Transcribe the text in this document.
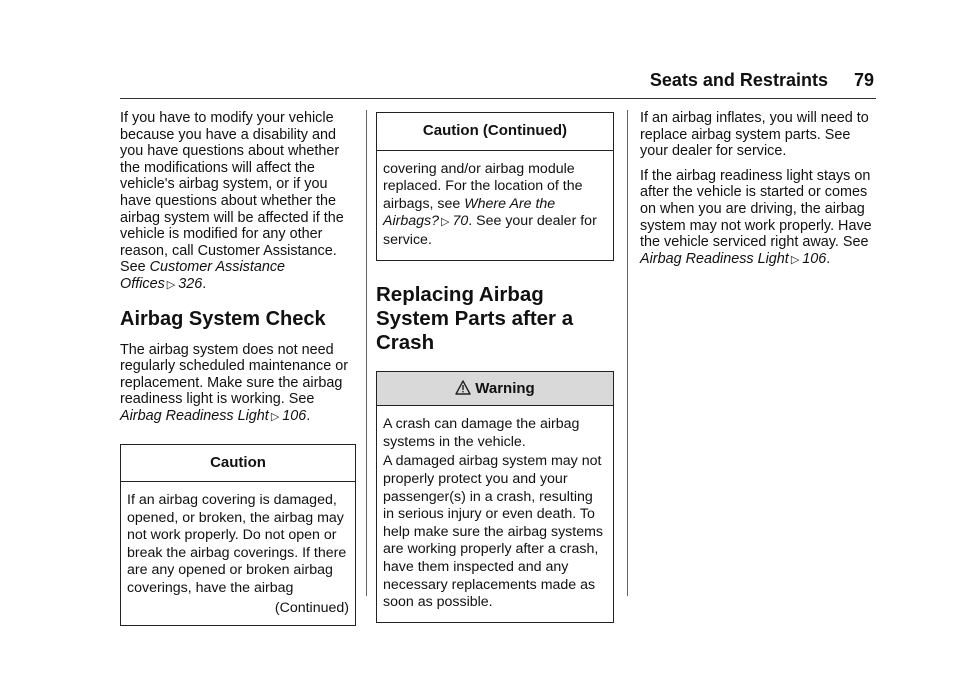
Seats and Restraints 79

If you have to modify your vehicle because you have a disability and you have questions about whether the modifications will affect the vehicle's airbag system, or if you have questions about whether the airbag system will be affected if the vehicle is modified for any other reason, call Customer Assistance. See Customer Assistance Offices ▷ 326.

Airbag System Check

The airbag system does not need regularly scheduled maintenance or replacement. Make sure the airbag readiness light is working. See Airbag Readiness Light ▷ 106.

Caution

If an airbag covering is damaged, opened, or broken, the airbag may not work properly. Do not open or break the airbag coverings. If there are any opened or broken airbag coverings, have the airbag

(Continued)
Caution (Continued)

covering and/or airbag module replaced. For the location of the airbags, see Where Are the Airbags? ▷ 70. See your dealer for service.

Replacing Airbag System Parts after a Crash
Warning

A crash can damage the airbag systems in the vehicle.

A damaged airbag system may not properly protect you and your passenger(s) in a crash, resulting in serious injury or even death. To help make sure the airbag systems are working properly after a crash, have them inspected and any necessary replacements made as soon as possible.

If an airbag inflates, you will need to replace airbag system parts. See your dealer for service.

If the airbag readiness light stays on after the vehicle is started or comes on when you are driving, the airbag system may not work properly. Have the vehicle serviced right away. See Airbag Readiness Light ▷ 106.
